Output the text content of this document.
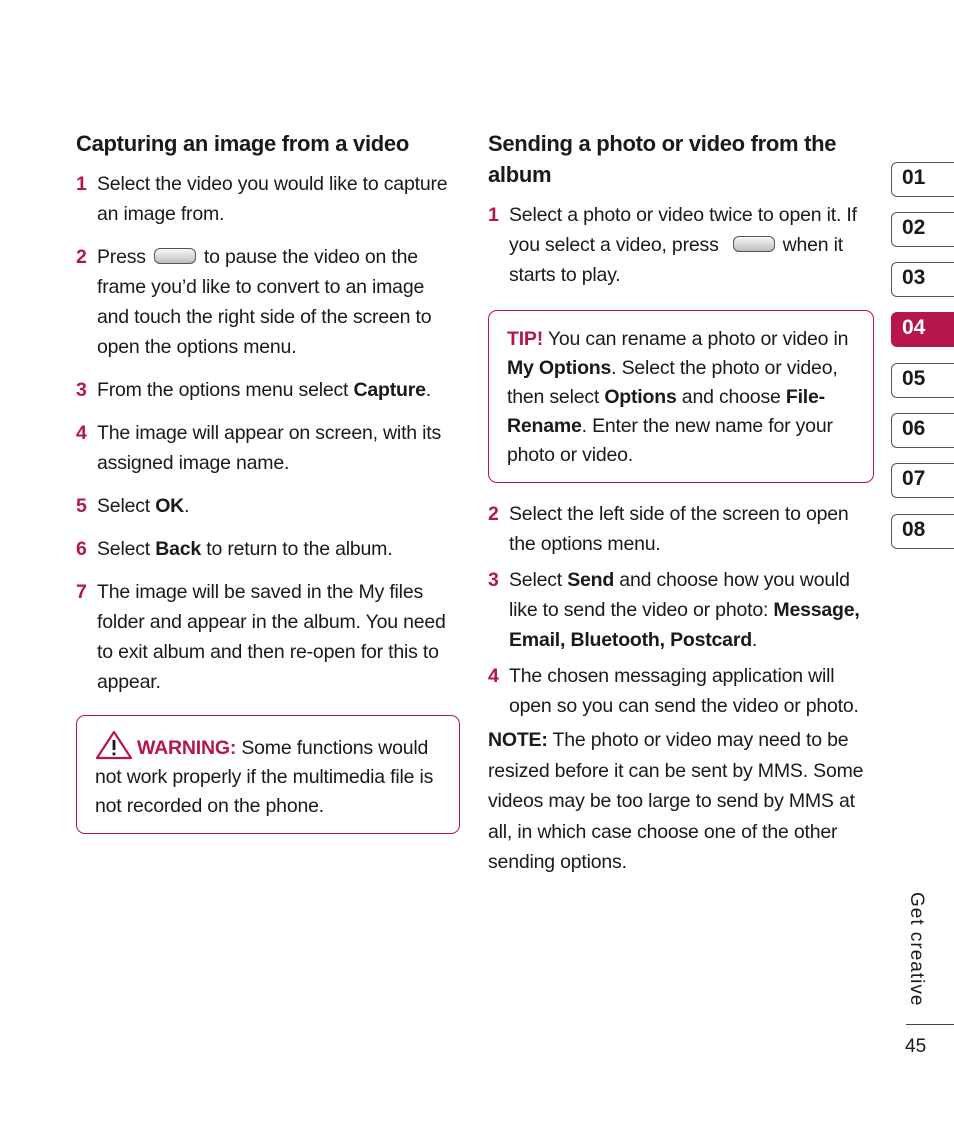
Capturing an image from a video
1 Select the video you would like to capture an image from.
2 Press	to pause the video on the frame you’d like to convert to an image and touch the right side of the screen to open the options menu.
3 From the options menu select Capture.
4 The image will appear on screen, with its assigned image name.
5 Select OK.
6 Select Back to return to the album.
7 The image will be saved in the My files folder and appear in the album. You need to exit album and then re-open for this to appear.
WARNING: Some functions would not work properly if the multimedia file is not recorded on the phone.
Sending a photo or video from the album
1 Select a photo or video twice to open it. If you select a video, press	when it starts to play.
TIP! You can rename a photo or video in My Options. Select the photo or video, then select Options and choose File- Rename. Enter the new name for your photo or video.
2 Select the left side of the screen to open the options menu.
3 Select Send and choose how you would like to send the video or photo: Message, Email, Bluetooth, Postcard.
4 The chosen messaging application will open so you can send the video or photo.
NOTE: The photo or video may need to be resized before it can be sent by MMS. Some videos may be too large to send by MMS at all, in which case choose one of the other sending options.
01
02
03
04
05
06
07
08
Get creative
45
